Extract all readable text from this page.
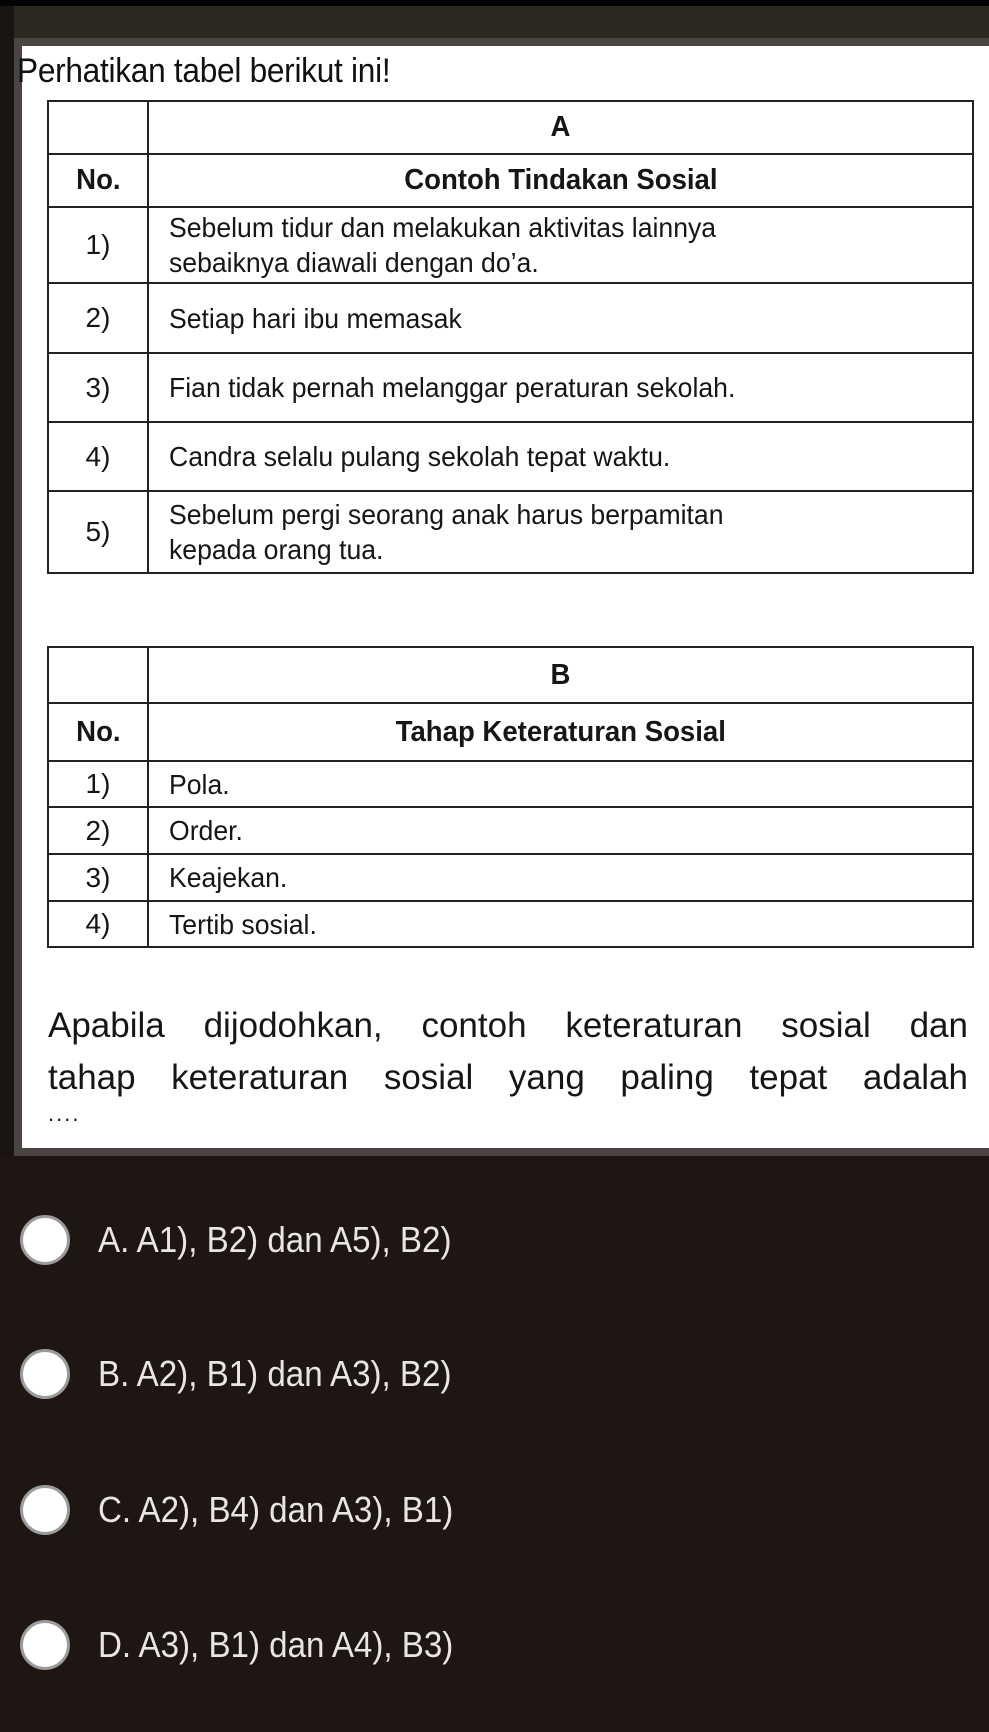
. Perhatikan tabel berikut ini!
	A
No.	Contoh Tindakan Sosial
1)	Sebelum tidur dan melakukan aktivitas lainnya
sebaiknya diawali dengan do’a.
2)	Setiap hari ibu memasak
3)	Fian tidak pernah melanggar peraturan sekolah.
4)	Candra selalu pulang sekolah tepat waktu.
5)	Sebelum pergi seorang anak harus berpamitan
kepada orang tua.
	B
No.	Tahap Keteraturan Sosial
1)	Pola.
2)	Order.
3)	Keajekan.
4)	Tertib sosial.
Apabila dijodohkan, contoh keteraturan sosial dan
tahap keteraturan sosial yang paling tepat adalah
....
A. A1), B2) dan A5), B2)
B. A2), B1) dan A3), B2)
C. A2), B4) dan A3), B1)
D. A3), B1) dan A4), B3)
